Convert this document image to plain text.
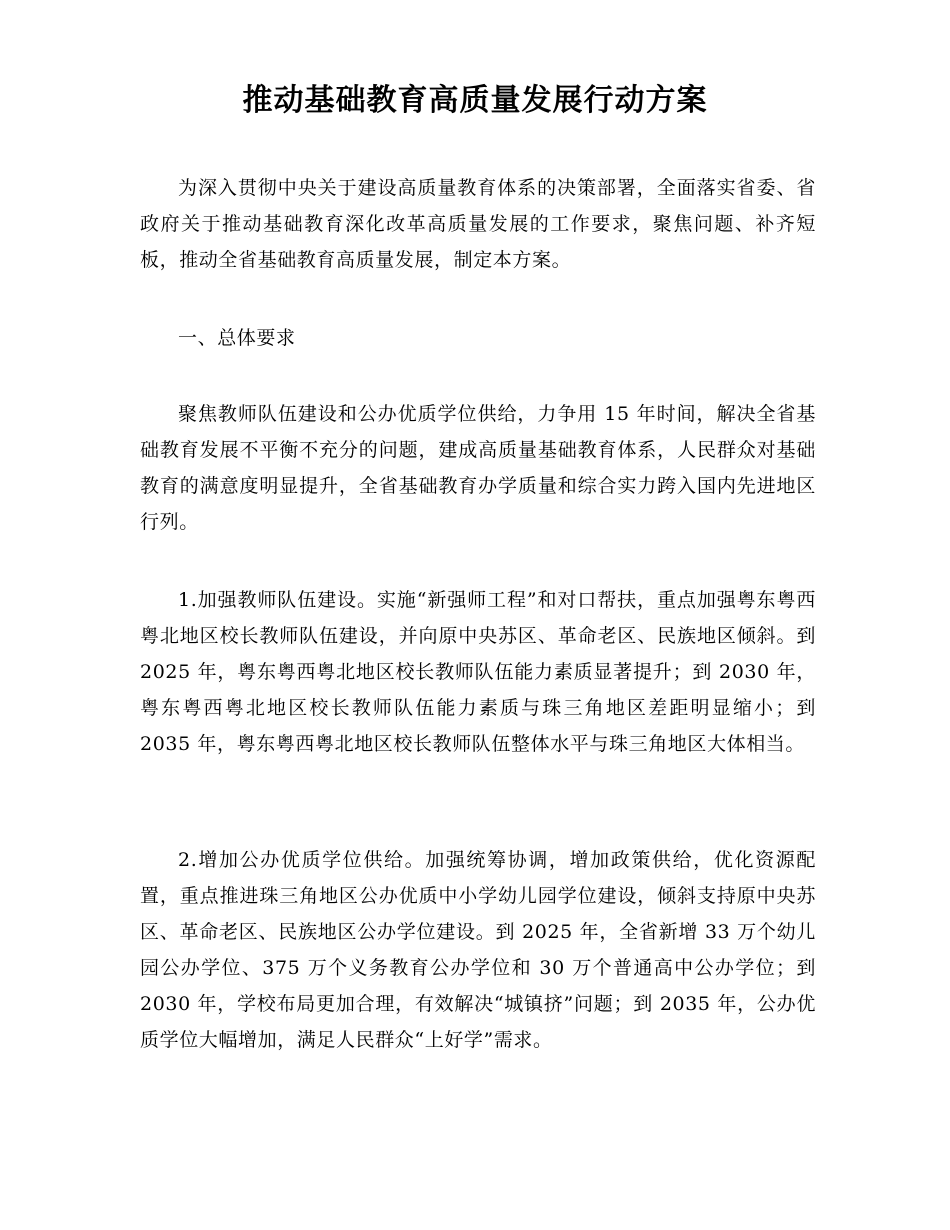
推动基础教育高质量发展行动方案

为深入贯彻中央关于建设高质量教育体系的决策部署，全面落实省委、省政府关于推动基础教育深化改革高质量发展的工作要求，聚焦问题、补齐短板，推动全省基础教育高质量发展，制定本方案。

一、总体要求

聚焦教师队伍建设和公办优质学位供给，力争用 15 年时间，解决全省基础教育发展不平衡不充分的问题，建成高质量基础教育体系，人民群众对基础教育的满意度明显提升，全省基础教育办学质量和综合实力跨入国内先进地区行列。

1.加强教师队伍建设。实施“新强师工程”和对口帮扶，重点加强粤东粤西粤北地区校长教师队伍建设，并向原中央苏区、革命老区、民族地区倾斜。到 2025 年，粤东粤西粤北地区校长教师队伍能力素质显著提升；到 2030 年，粤东粤西粤北地区校长教师队伍能力素质与珠三角地区差距明显缩小；到 2035 年，粤东粤西粤北地区校长教师队伍整体水平与珠三角地区大体相当。

2.增加公办优质学位供给。加强统筹协调，增加政策供给，优化资源配置，重点推进珠三角地区公办优质中小学幼儿园学位建设，倾斜支持原中央苏区、革命老区、民族地区公办学位建设。到 2025 年，全省新增 33 万个幼儿园公办学位、375 万个义务教育公办学位和 30 万个普通高中公办学位；到 2030 年，学校布局更加合理，有效解决“城镇挤”问题；到 2035 年，公办优质学位大幅增加，满足人民群众“上好学”需求。
